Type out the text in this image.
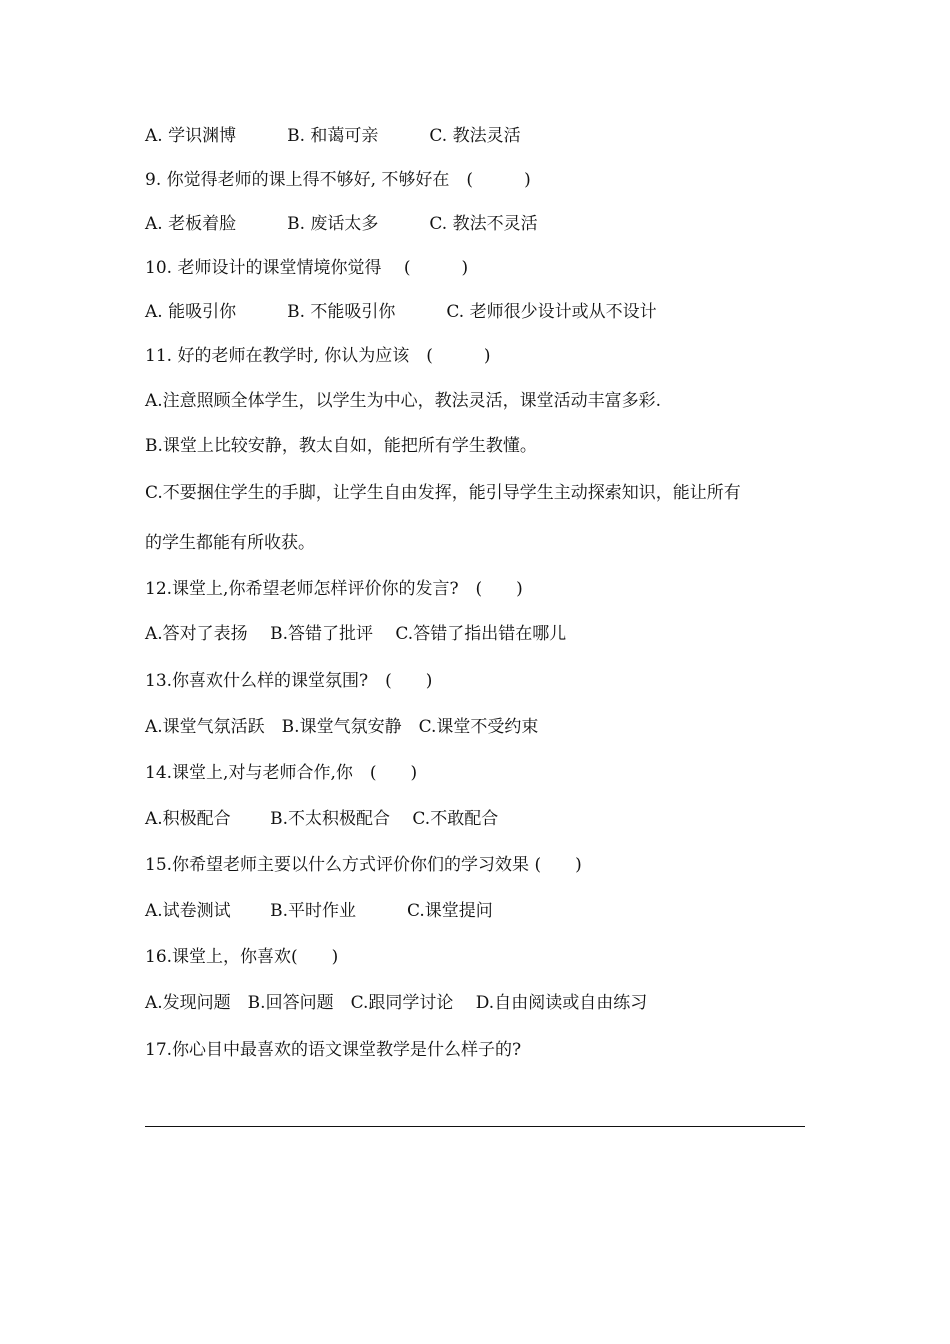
A. 学识渊博　　　B. 和蔼可亲　　　C. 教法灵活
9. 你觉得老师的课上得不够好, 不够好在　(　　　)
A. 老板着脸　　　B. 废话太多　　　C. 教法不灵活
10. 老师设计的课堂情境你觉得　 (　　　)
A. 能吸引你　　　B. 不能吸引你　　　C. 老师很少设计或从不设计
11. 好的老师在教学时, 你认为应该　(　　　)
A.注意照顾全体学生，以学生为中心，教法灵活，课堂活动丰富多彩.
B.课堂上比较安静，教太自如，能把所有学生教懂。
C.不要捆住学生的手脚，让学生自由发挥，能引导学生主动探索知识，能让所有
的学生都能有所收获。
12.课堂上,你希望老师怎样评价你的发言?　(　　)
A.答对了表扬　 B.答错了批评　 C.答错了指出错在哪儿
13.你喜欢什么样的课堂氛围?　(　　)
A.课堂气氛活跃　B.课堂气氛安静　C.课堂不受约束
14.课堂上,对与老师合作,你　(　　)
A.积极配合　　 B.不太积极配合　 C.不敢配合
15.你希望老师主要以什么方式评价你们的学习效果 (　　)
A.试卷测试　　 B.平时作业　　　C.课堂提问
16.课堂上，你喜欢(　　)
A.发现问题　B.回答问题　C.跟同学讨论　 D.自由阅读或自由练习
17.你心目中最喜欢的语文课堂教学是什么样子的?
